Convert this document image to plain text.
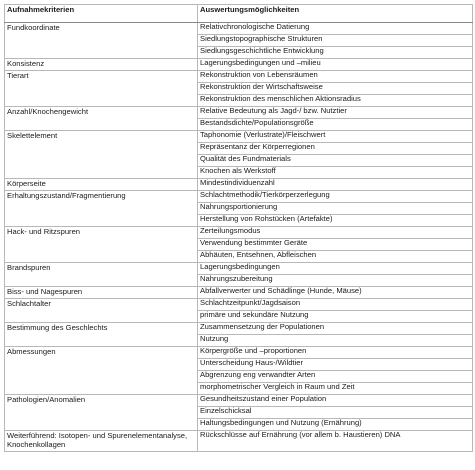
Aufnahmekriterien	Auswertungsmöglichkeiten
Fundkoordinate	Relativchronologische Datierung
	Siedlungstopographische Strukturen
	Siedlungsgeschichtliche Entwicklung
Konsistenz	Lagerungsbedingungen und –milieu
Tierart	Rekonstruktion von Lebensräumen
	Rekonstruktion der Wirtschaftsweise
	Rekonstruktion des menschlichen Aktionsradius
Anzahl/Knochengewicht	Relative Bedeutung als Jagd-/ bzw. Nutztier
	Bestandsdichte/Populationsgröße
Skelettelement	Taphonomie (Verlustrate)/Fleischwert
	Repräsentanz der Körperregionen
	Qualität des Fundmaterials
	Knochen als Werkstoff
Körperseite	Mindestindividuenzahl
Erhaltungszustand/Fragmentierung	Schlachtmethodik/Tierkörperzerlegung
	Nahrungsportionierung
	Herstellung von Rohstücken (Artefakte)
Hack- und Ritzspuren	Zerteilungsmodus
	Verwendung bestimmter Geräte
	Abhäuten, Entsehnen, Abfleischen
Brandspuren	Lagerungsbedingungen
	Nahrungszubereitung
Biss- und Nagespuren	Abfallverwerter und Schädlinge (Hunde, Mäuse)
Schlachtalter	Schlachtzeitpunkt/Jagdsaison
	primäre und sekundäre Nutzung
Bestimmung des Geschlechts	Zusammensetzung der Populationen
	Nutzung
Abmessungen	Körpergröße und –proportionen
	Unterscheidung Haus-/Wildtier
	Abgrenzung eng verwandter Arten
	morphometrischer Vergleich in Raum und Zeit
Pathologien/Anomalien	Gesundheitszustand einer Population
	Einzelschicksal
	Haltungsbedingungen und Nutzung (Ernährung)
Weiterführend: Isotopen- und Spurenelementanalyse, Knochenkollagen	Rückschlüsse auf Ernährung (vor allem b. Haustieren) DNA
